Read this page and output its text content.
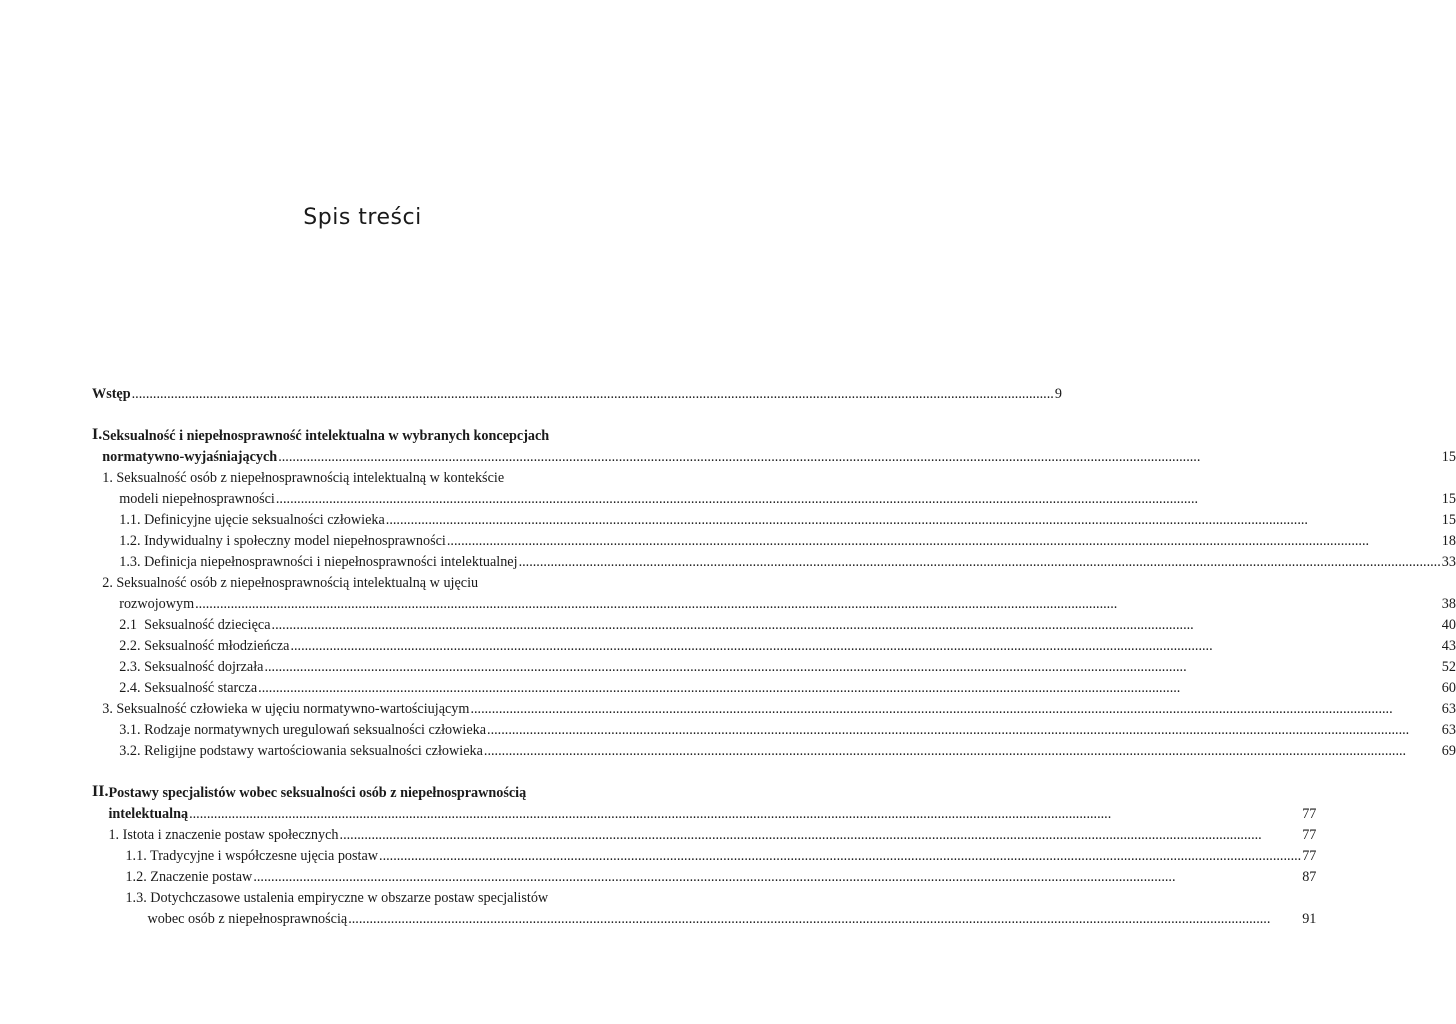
Spis treści
Wstęp .....	9
I. Seksualność i niepełnosprawność intelektualna w wybranych koncepcjach
normatywno-wyjaśniających .....	15
1. Seksualność osób z niepełnosprawnością intelektualną w kontekście
modeli niepełnosprawności .....	15
1.1. Definicyjne ujęcie seksualności człowieka .....	15
1.2. Indywidualny i społeczny model niepełnosprawności .....	18
1.3. Definicja niepełnosprawności i niepełnosprawności intelektualnej .....	33
2. Seksualność osób z niepełnosprawnością intelektualną w ujęciu
rozwojowym .....	38
2.1  Seksualność dziecięca .....	40
2.2. Seksualność młodzieńcza .....	43
2.3. Seksualność dojrzała .....	52
2.4. Seksualność starcza .....	60
3. Seksualność człowieka w ujęciu normatywno-wartościujący​m .....	63
3.1. Rodzaje normatywnych uregulowań seksualności człowieka .....	63
3.2. Religijne podstawy wartościowania seksualności człowieka .....	69
II. Postawy specjalistów wobec seksualności osób z niepełnosprawnością
intelektualną .....	77
1. Istota i znaczenie postaw społecznych .....	77
1.1. Tradycyjne i współczesne ujęcia postaw .....	77
1.2. Znaczenie postaw .....	87
1.3. Dotychczasowe ustalenia empiryczne w obszarze postaw specjalistów
wobec osób z niepełnosprawnością .....	91
